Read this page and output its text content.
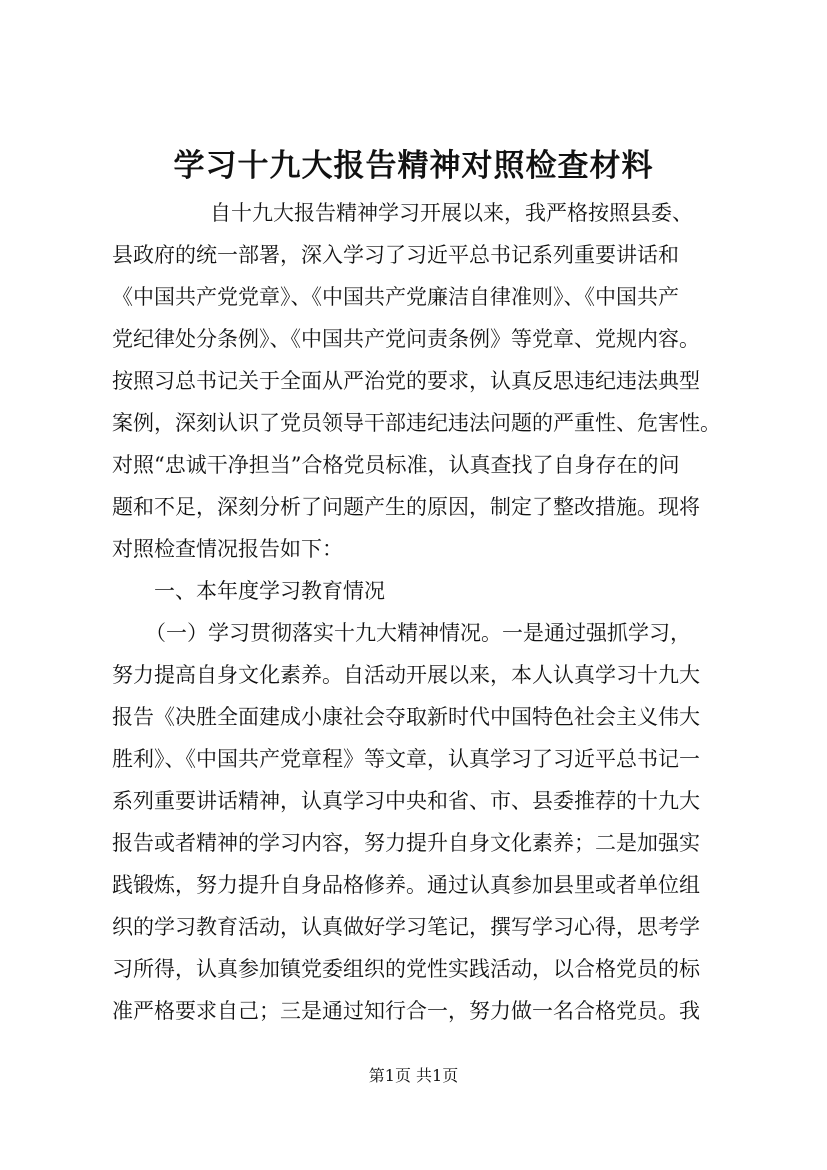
学习十九大报告精神对照检查材料
自十九大报告精神学习开展以来，我严格按照县委、
县政府的统一部署，深入学习了习近平总书记系列重要讲话和
《中国共产党党章》、《中国共产党廉洁自律准则》、《中国共产
党纪律处分条例》、《中国共产党问责条例》等党章、党规内容。
按照习总书记关于全面从严治党的要求，认真反思违纪违法典型
案例，深刻认识了党员领导干部违纪违法问题的严重性、危害性。
对照“忠诚干净担当”合格党员标准，认真查找了自身存在的问
题和不足，深刻分析了问题产生的原因，制定了整改措施。现将
对照检查情况报告如下：
一、本年度学习教育情况
（一）学习贯彻落实十九大精神情况。一是通过强抓学习，
努力提高自身文化素养。自活动开展以来，本人认真学习十九大
报告《决胜全面建成小康社会夺取新时代中国特色社会主义伟大
胜利》、《中国共产党章程》等文章，认真学习了习近平总书记一
系列重要讲话精神，认真学习中央和省、市、县委推荐的十九大
报告或者精神的学习内容，努力提升自身文化素养；二是加强实
践锻炼，努力提升自身品格修养。通过认真参加县里或者单位组
织的学习教育活动，认真做好学习笔记，撰写学习心得，思考学
习所得，认真参加镇党委组织的党性实践活动，以合格党员的标
准严格要求自己；三是通过知行合一，努力做一名合格党员。我
第1页 共1页
